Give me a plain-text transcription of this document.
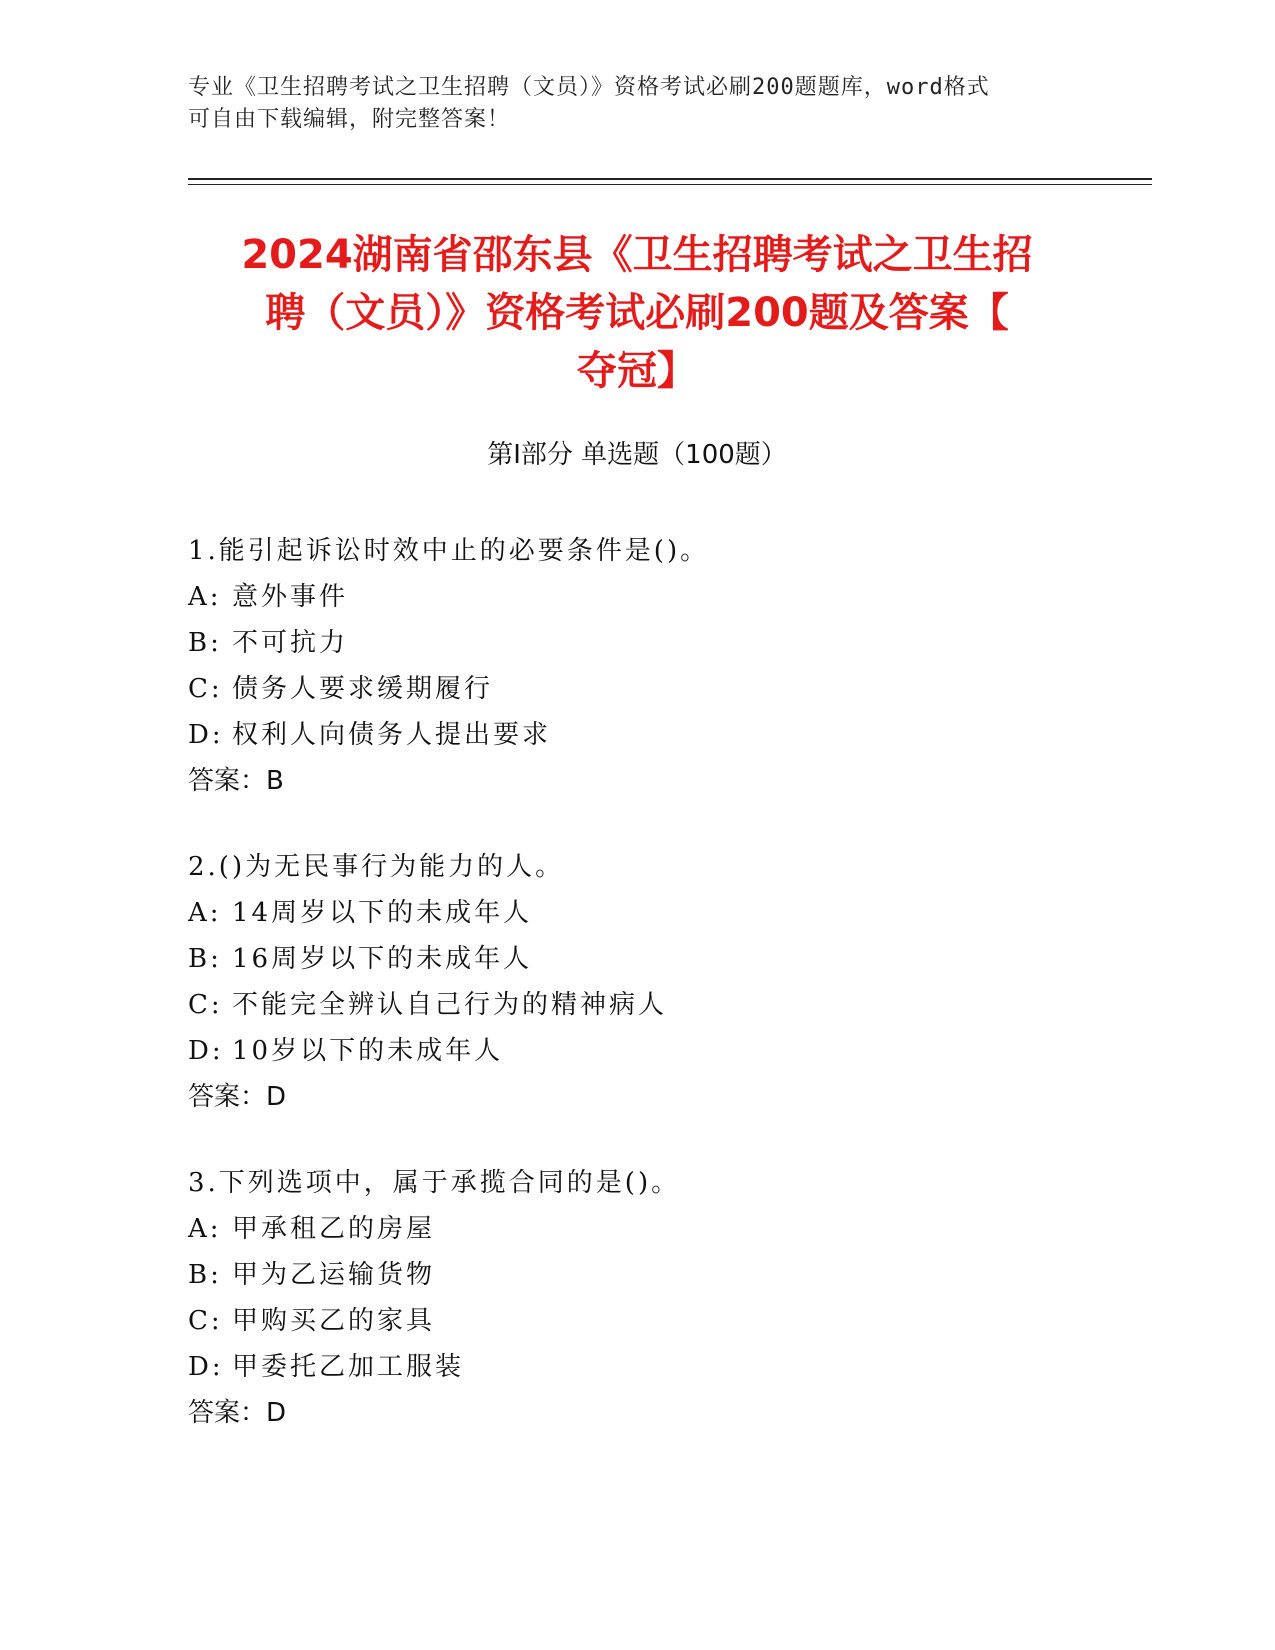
专业《卫生招聘考试之卫生招聘（文员）》资格考试必刷200题题库，word格式
可自由下载编辑，附完整答案！
2024湖南省邵东县《卫生招聘考试之卫生招
聘（文员）》资格考试必刷200题及答案【
夺冠】
第Ⅰ部分 单选题（100题）
1.能引起诉讼时效中止的必要条件是()。
A: 意外事件
B: 不可抗力
C: 债务人要求缓期履行
D: 权利人向债务人提出要求
答案：B
2.()为无民事行为能力的人。
A: 14周岁以下的未成年人
B: 16周岁以下的未成年人
C: 不能完全辨认自己行为的精神病人
D: 10岁以下的未成年人
答案：D
3.下列选项中，属于承揽合同的是()。
A: 甲承租乙的房屋
B: 甲为乙运输货物
C: 甲购买乙的家具
D: 甲委托乙加工服装
答案：D
